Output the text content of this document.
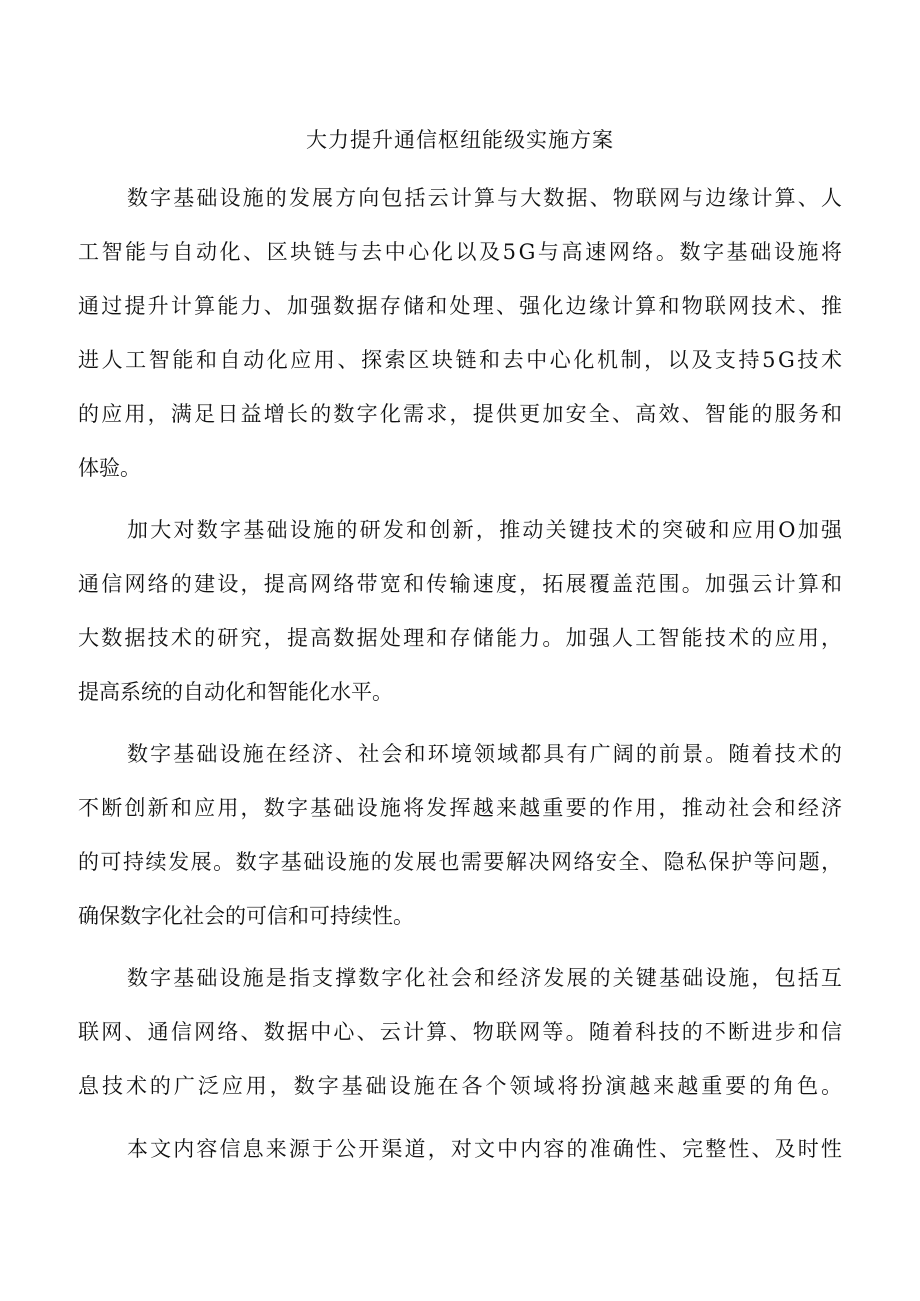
大力提升通信枢纽能级实施方案
数字基础设施的发展方向包括云计算与大数据、物联网与边缘计算、人
工智能与自动化、区块链与去中心化以及5G与高速网络。数字基础设施将
通过提升计算能力、加强数据存储和处理、强化边缘计算和物联网技术、推
进人工智能和自动化应用、探索区块链和去中心化机制，以及支持5G技术
的应用，满足日益增长的数字化需求，提供更加安全、高效、智能的服务和
体验。
加大对数字基础设施的研发和创新，推动关键技术的突破和应用O加强
通信网络的建设，提高网络带宽和传输速度，拓展覆盖范围。加强云计算和
大数据技术的研究，提高数据处理和存储能力。加强人工智能技术的应用，
提高系统的自动化和智能化水平。
数字基础设施在经济、社会和环境领域都具有广阔的前景。随着技术的
不断创新和应用，数字基础设施将发挥越来越重要的作用，推动社会和经济
的可持续发展。数字基础设施的发展也需要解决网络安全、隐私保护等问题，
确保数字化社会的可信和可持续性。
数字基础设施是指支撑数字化社会和经济发展的关键基础设施，包括互
联网、通信网络、数据中心、云计算、物联网等。随着科技的不断进步和信
息技术的广泛应用，数字基础设施在各个领域将扮演越来越重要的角色。
本文内容信息来源于公开渠道，对文中内容的准确性、完整性、及时性
